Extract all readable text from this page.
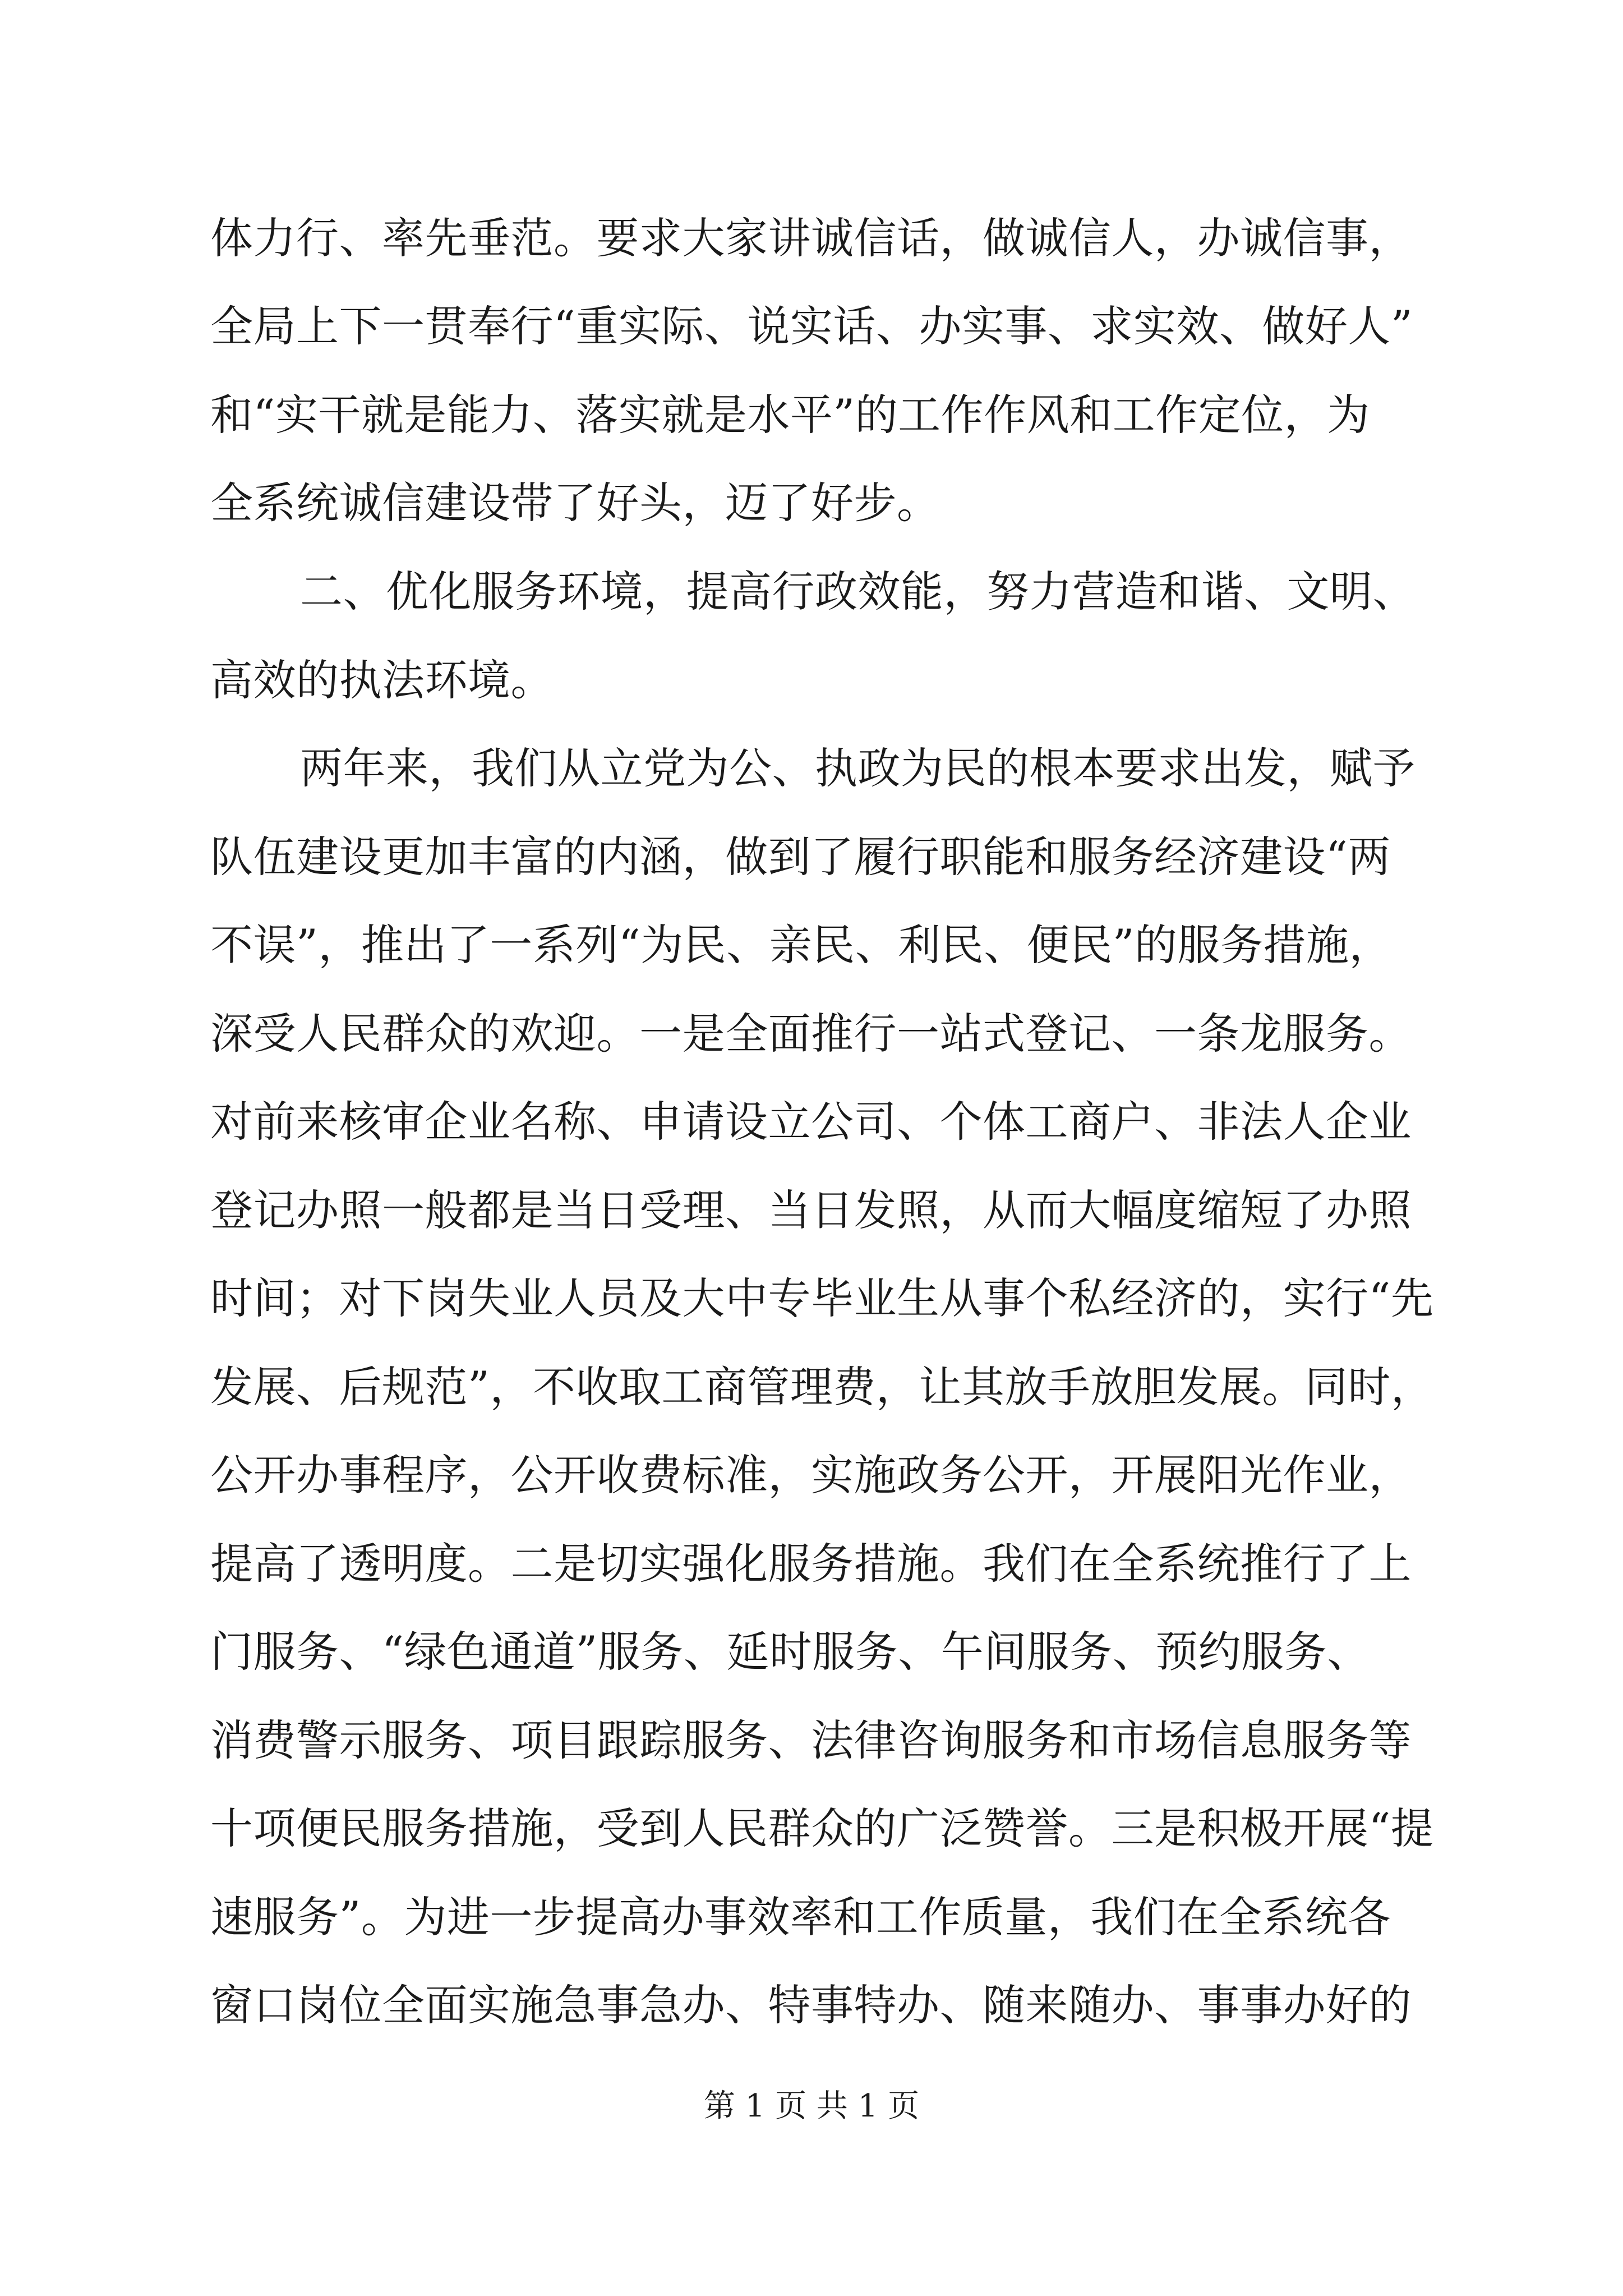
体力行、率先垂范。要求大家讲诚信话，做诚信人，办诚信事，
全局上下一贯奉行“重实际、说实话、办实事、求实效、做好人”
和“实干就是能力、落实就是水平”的工作作风和工作定位，为
全系统诚信建设带了好头，迈了好步。
二、优化服务环境，提高行政效能，努力营造和谐、文明、
高效的执法环境。
两年来，我们从立党为公、执政为民的根本要求出发，赋予
队伍建设更加丰富的内涵，做到了履行职能和服务经济建设“两
不误”，推出了一系列“为民、亲民、利民、便民”的服务措施，
深受人民群众的欢迎。一是全面推行一站式登记、一条龙服务。
对前来核审企业名称、申请设立公司、个体工商户、非法人企业
登记办照一般都是当日受理、当日发照，从而大幅度缩短了办照
时间；对下岗失业人员及大中专毕业生从事个私经济的，实行“先
发展、后规范”，不收取工商管理费，让其放手放胆发展。同时，
公开办事程序，公开收费标准，实施政务公开，开展阳光作业，
提高了透明度。二是切实强化服务措施。我们在全系统推行了上
门服务、“绿色通道”服务、延时服务、午间服务、预约服务、
消费警示服务、项目跟踪服务、法律咨询服务和市场信息服务等
十项便民服务措施，受到人民群众的广泛赞誉。三是积极开展“提
速服务”。为进一步提高办事效率和工作质量，我们在全系统各
窗口岗位全面实施急事急办、特事特办、随来随办、事事办好的
第 1 页 共 1 页
